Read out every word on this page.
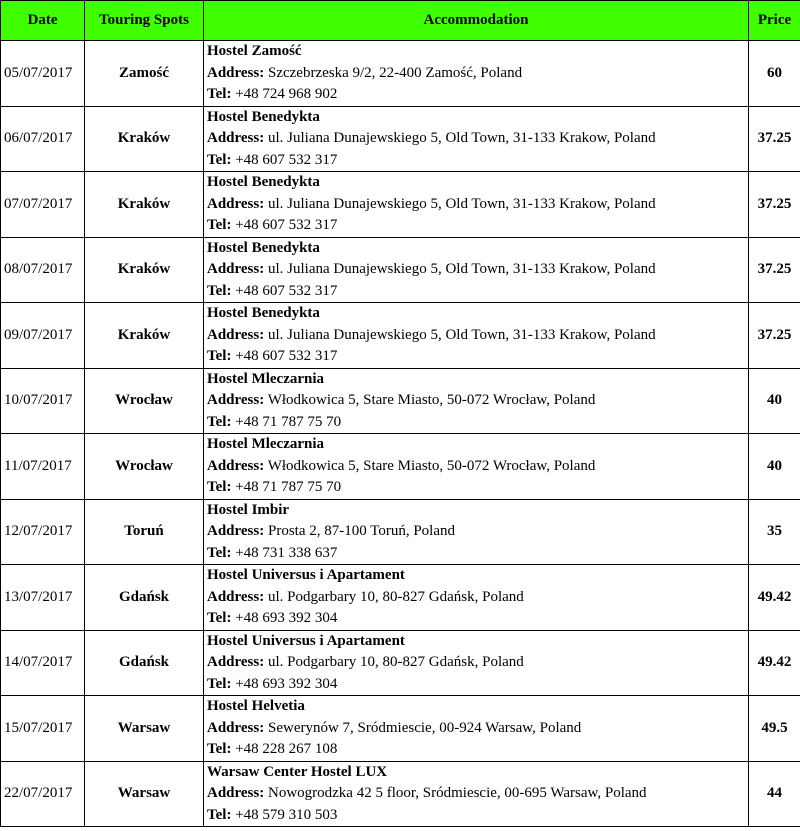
Date	Touring Spots	Accommodation	Price
05/07/2017	Zamość	Hostel Zamość
Address: Szczebrzeska 9/2, 22-400 Zamość, Poland
Tel: +48 724 968 902	60
06/07/2017	Kraków	Hostel Benedykta
Address: ul. Juliana Dunajewskiego 5, Old Town, 31-133 Krakow, Poland
Tel: +48 607 532 317	37.25
07/07/2017	Kraków	Hostel Benedykta
Address: ul. Juliana Dunajewskiego 5, Old Town, 31-133 Krakow, Poland
Tel: +48 607 532 317	37.25
08/07/2017	Kraków	Hostel Benedykta
Address: ul. Juliana Dunajewskiego 5, Old Town, 31-133 Krakow, Poland
Tel: +48 607 532 317	37.25
09/07/2017	Kraków	Hostel Benedykta
Address: ul. Juliana Dunajewskiego 5, Old Town, 31-133 Krakow, Poland
Tel: +48 607 532 317	37.25
10/07/2017	Wrocław	Hostel Mleczarnia
Address: Włodkowica 5, Stare Miasto, 50-072 Wrocław, Poland
Tel: +48 71 787 75 70	40
11/07/2017	Wrocław	Hostel Mleczarnia
Address: Włodkowica 5, Stare Miasto, 50-072 Wrocław, Poland
Tel: +48 71 787 75 70	40
12/07/2017	Toruń	Hostel Imbir
Address: Prosta 2, 87-100 Toruń, Poland
Tel: +48 731 338 637	35
13/07/2017	Gdańsk	Hostel Universus i Apartament
Address: ul. Podgarbary 10, 80-827 Gdańsk, Poland
Tel: +48 693 392 304	49.42
14/07/2017	Gdańsk	Hostel Universus i Apartament
Address: ul. Podgarbary 10, 80-827 Gdańsk, Poland
Tel: +48 693 392 304	49.42
15/07/2017	Warsaw	Hostel Helvetia
Address: Sewerynów 7, Sródmiescie, 00-924 Warsaw, Poland
Tel: +48 228 267 108	49.5
22/07/2017	Warsaw	Warsaw Center Hostel LUX
Address: Nowogrodzka 42 5 floor, Sródmiescie, 00-695 Warsaw, Poland
Tel: +48 579 310 503	44
